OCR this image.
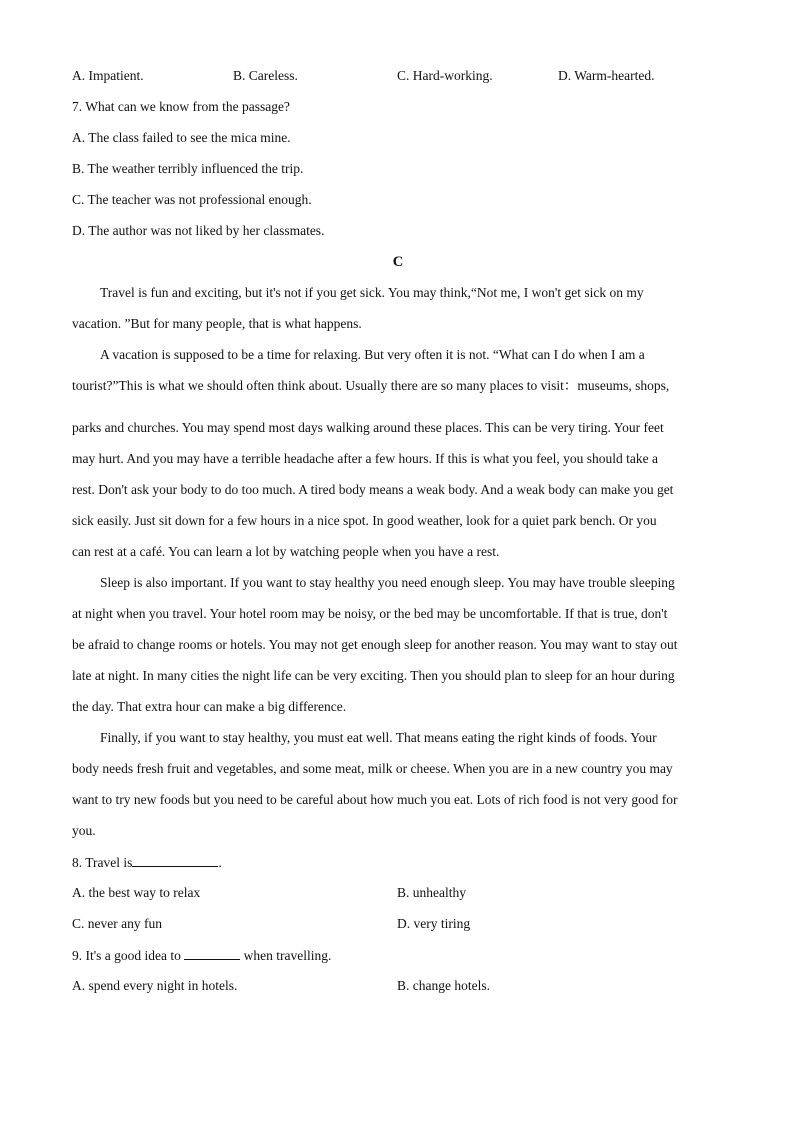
A. Impatient.	B. Careless.	C. Hard-working.	D. Warm-hearted.
7. What can we know from the passage?
A. The class failed to see the mica mine.
B. The weather terribly influenced the trip.
C. The teacher was not professional enough.
D. The author was not liked by her classmates.
C
Travel is fun and exciting, but it's not if you get sick. You may think,“Not me, I won't get sick on my
vacation. ”But for many people, that is what happens.
A vacation is supposed to be a time for relaxing. But very often it is not. “What can I do when I am a
tourist?”This is what we should often think about. Usually there are so many places to visit：museums, shops,
parks and churches. You may spend most days walking around these places. This can be very tiring. Your feet
may hurt. And you may have a terrible headache after a few hours. If this is what you feel, you should take a
rest. Don't ask your body to do too much. A tired body means a weak body. And a weak body can make you get
sick easily. Just sit down for a few hours in a nice spot. In good weather, look for a quiet park bench. Or you
can rest at a café. You can learn a lot by watching people when you have a rest.
Sleep is also important. If you want to stay healthy you need enough sleep. You may have trouble sleeping
at night when you travel. Your hotel room may be noisy, or the bed may be uncomfortable. If that is true, don't
be afraid to change rooms or hotels. You may not get enough sleep for another reason. You may want to stay out
late at night. In many cities the night life can be very exciting. Then you should plan to sleep for an hour during
the day. That extra hour can make a big difference.
Finally, if you want to stay healthy, you must eat well. That means eating the right kinds of foods. Your
body needs fresh fruit and vegetables, and some meat, milk or cheese. When you are in a new country you may
want to try new foods but you need to be careful about how much you eat. Lots of rich food is not very good for
you.
8. Travel is	.
A. the best way to relax	B. unhealthy
C. never any fun	D. very tiring
9. It's a good idea to	when travelling.
A. spend every night in hotels.	B. change hotels.
